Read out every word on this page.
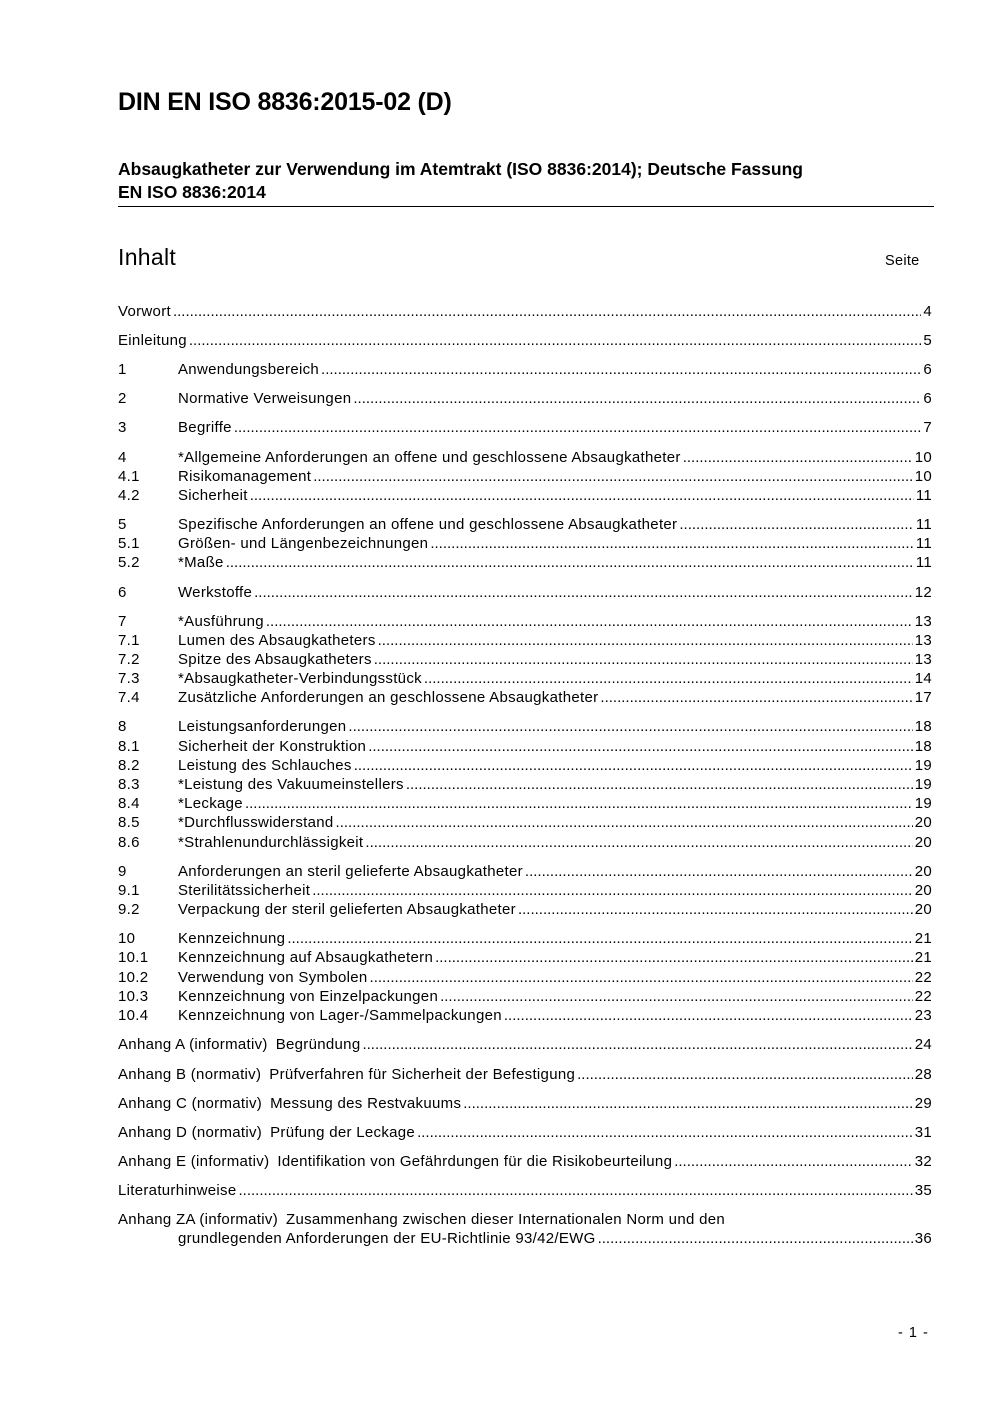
DIN EN ISO 8836:2015-02 (D)
Absaugkatheter zur Verwendung im Atemtrakt (ISO 8836:2014); Deutsche Fassung
EN ISO 8836:2014
Inhalt	Seite
Vorwort .....	4
Einleitung .....	5
1	Anwendungsbereich .....	6
2	Normative Verweisungen .....	6
3	Begriffe .....	7
4	*Allgemeine Anforderungen an offene und geschlossene Absaugkatheter .....	10
4.1	Risikomanagement .....	10
4.2	Sicherheit .....	11
5	Spezifische Anforderungen an offene und geschlossene Absaugkatheter .....	11
5.1	Größen- und Längenbezeichnungen .....	11
5.2	*Maße .....	11
6	Werkstoffe .....	12
7	*Ausführung .....	13
7.1	Lumen des Absaugkatheters .....	13
7.2	Spitze des Absaugkatheters .....	13
7.3	*Absaugkatheter-Verbindungsstück .....	14
7.4	Zusätzliche Anforderungen an geschlossene Absaugkatheter .....	17
8	Leistungsanforderungen .....	18
8.1	Sicherheit der Konstruktion .....	18
8.2	Leistung des Schlauches .....	19
8.3	*Leistung des Vakuumeinstellers .....	19
8.4	*Leckage .....	19
8.5	*Durchflusswiderstand .....	20
8.6	*Strahlenundurchlässigkeit .....	20
9	Anforderungen an steril gelieferte Absaugkatheter .....	20
9.1	Sterilitätssicherheit .....	20
9.2	Verpackung der steril gelieferten Absaugkatheter .....	20
10	Kennzeichnung .....	21
10.1	Kennzeichnung auf Absaugkathetern .....	21
10.2	Verwendung von Symbolen .....	22
10.3	Kennzeichnung von Einzelpackungen .....	22
10.4	Kennzeichnung von Lager-/Sammelpackungen .....	23
Anhang A (informativ) Begründung .....	24
Anhang B (normativ) Prüfverfahren für Sicherheit der Befestigung .....	28
Anhang C (normativ) Messung des Restvakuums .....	29
Anhang D (normativ) Prüfung der Leckage .....	31
Anhang E (informativ) Identifikation von Gefährdungen für die Risikobeurteilung .....	32
Literaturhinweise .....	35
Anhang ZA (informativ) Zusammenhang zwischen dieser Internationalen Norm und den
grundlegenden Anforderungen der EU-Richtlinie 93/42/EWG .....	36
- 1 -
